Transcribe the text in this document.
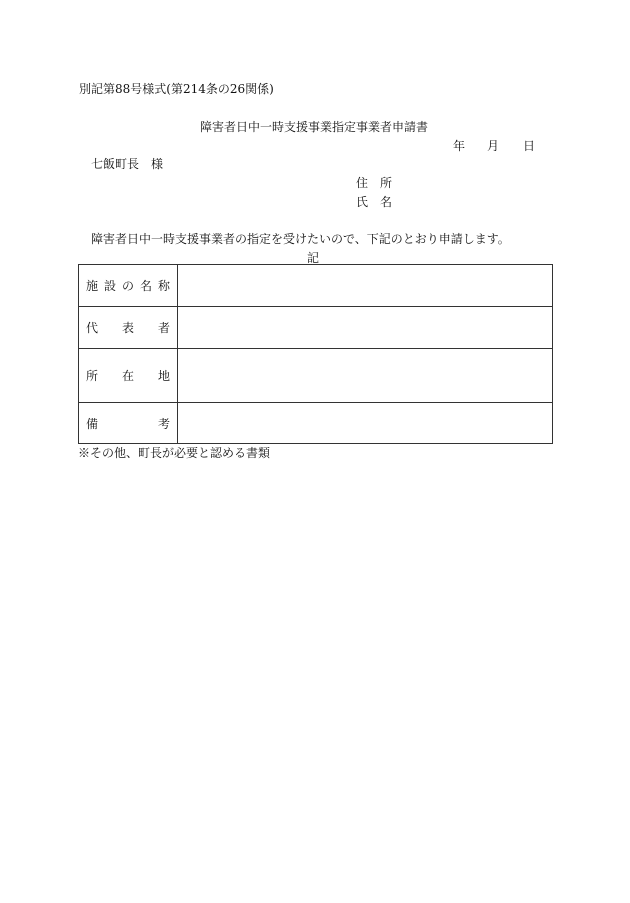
別記第88号様式(第214条の26関係)
障害者日中一時支援事業指定事業者申請書
年 月 日
七飯町長　様
住　所
氏　名
障害者日中一時支援事業者の指定を受けたいので、下記のとおり申請します。
記
施 設 の 名 称	

代 表 者	

所 在 地	

備 考	

※その他、町長が必要と認める書類
